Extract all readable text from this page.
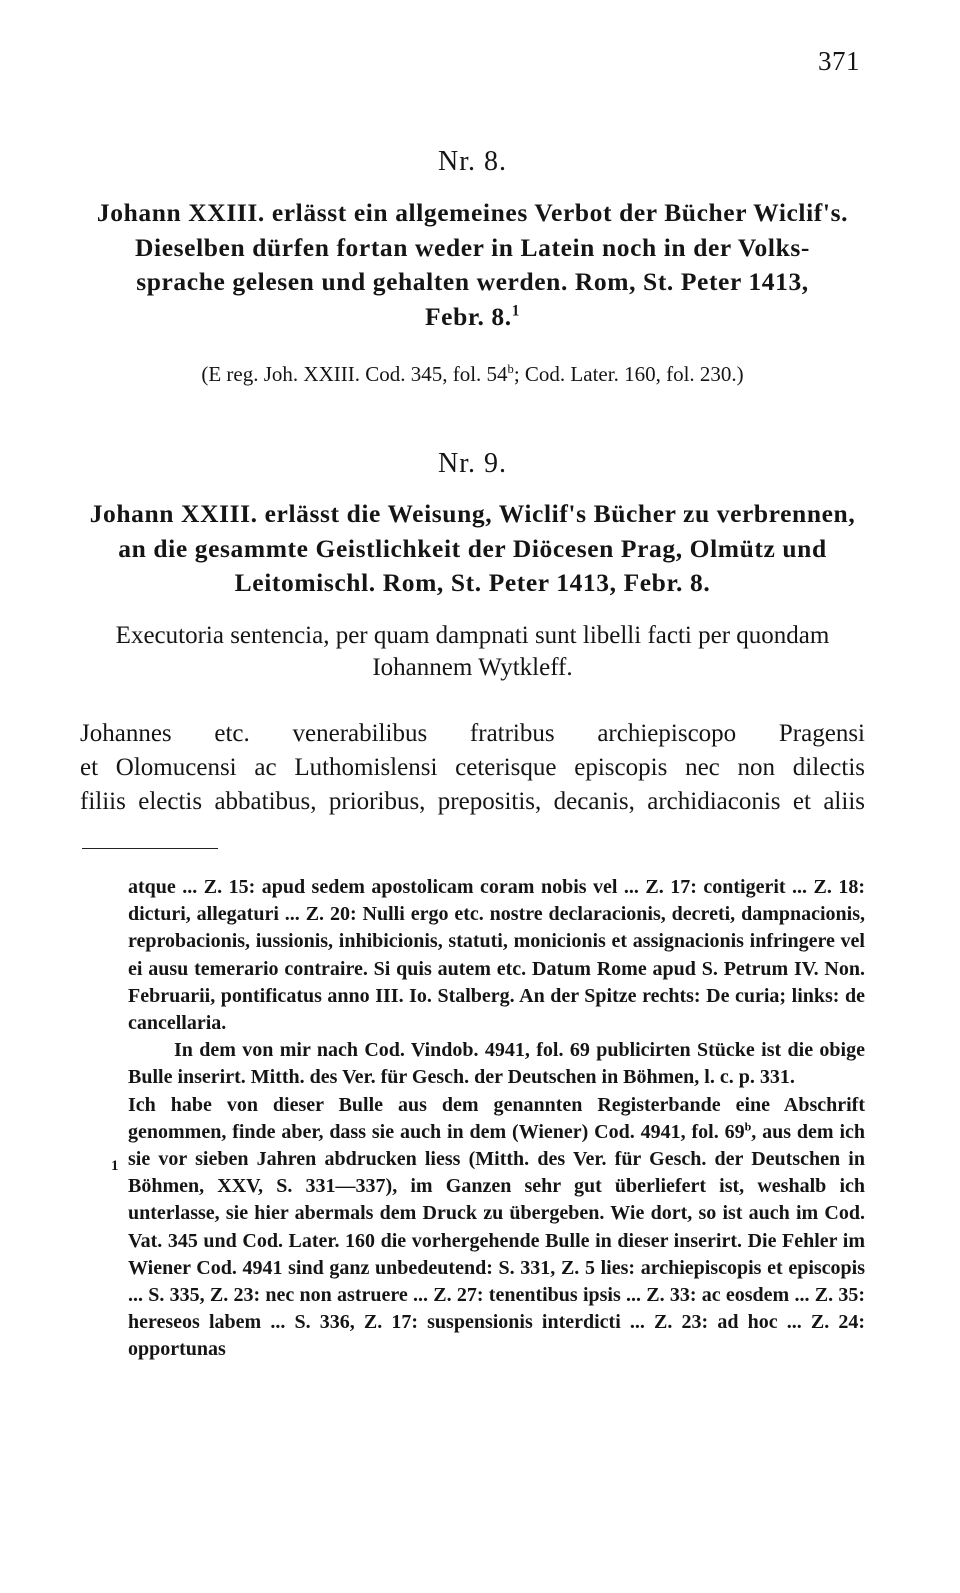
371
Nr. 8.
Johann XXIII. erlässt ein allgemeines Verbot der Bücher Wiclif's.
Dieselben dürfen fortan weder in Latein noch in der Volks-
sprache gelesen und gehalten werden. Rom, St. Peter 1413,
Febr. 8.$^1$
(E reg. Joh. XXIII. Cod. 345, fol. 54$^b$; Cod. Later. 160, fol. 230.)
Nr. 9.
Johann XXIII. erlässt die Weisung, Wiclif's Bücher zu verbrennen,
an die gesammte Geistlichkeit der Diöcesen Prag, Olmütz und
Leitomischl. Rom, St. Peter 1413, Febr. 8.
Executoria sentencia, per quam dampnati sunt libelli facti per quondam
Iohannem Wytkleff.
Johannes etc. venerabilibus fratribus archiepiscopo Pragensi
et Olomucensi ac Luthomislensi ceterisque episcopis nec non dilectis
filiis electis abbatibus, prioribus, prepositis, decanis, archidiaconis et aliis

atque ... Z. 15: apud sedem apostolicam coram nobis vel ... Z. 17: contigerit ... Z. 18: dicturi, allegaturi ... Z. 20: Nulli ergo etc. nostre declaracionis, decreti, dampnacionis, reprobacionis, iussionis, inhibicionis, statuti, monicionis et assignacionis infringere vel ei ausu temerario contraire. Si quis autem etc. Datum Rome apud S. Petrum IV. Non. Februarii, pontificatus anno III. Io. Stalberg. An der Spitze rechts: De curia; links: de cancellaria.

In dem von mir nach Cod. Vindob. 4941, fol. 69 publicirten Stücke ist die obige Bulle inserirt. Mitth. des Ver. für Gesch. der Deutschen in Böhmen, l. c. p. 331.

Ich habe von dieser Bulle aus dem genannten Registerbande eine Abschrift genommen, finde aber, dass sie auch in dem (Wiener) Cod. 4941, fol. 69$^b$, aus dem ich sie vor sieben Jahren abdrucken liess (Mitth. des Ver. für Gesch. der Deutschen in Böhmen, XXV, S. 331—337), im Ganzen sehr gut überliefert ist, weshalb ich unterlasse, sie hier abermals dem Druck zu übergeben. Wie dort, so ist auch im Cod. Vat. 345 und Cod. Later. 160 die vorhergehende Bulle in dieser inserirt. Die Fehler im Wiener Cod. 4941 sind ganz unbedeutend: S. 331, Z. 5 lies: archiepiscopis et episcopis ... S. 335, Z. 23: nec non astruere ... Z. 27: tenentibus ipsis ... Z. 33: ac eosdem ... Z. 35: hereseos labem ... S. 336, Z. 17: suspensionis interdicti ... Z. 23: ad hoc ... Z. 24: opportunas

1
